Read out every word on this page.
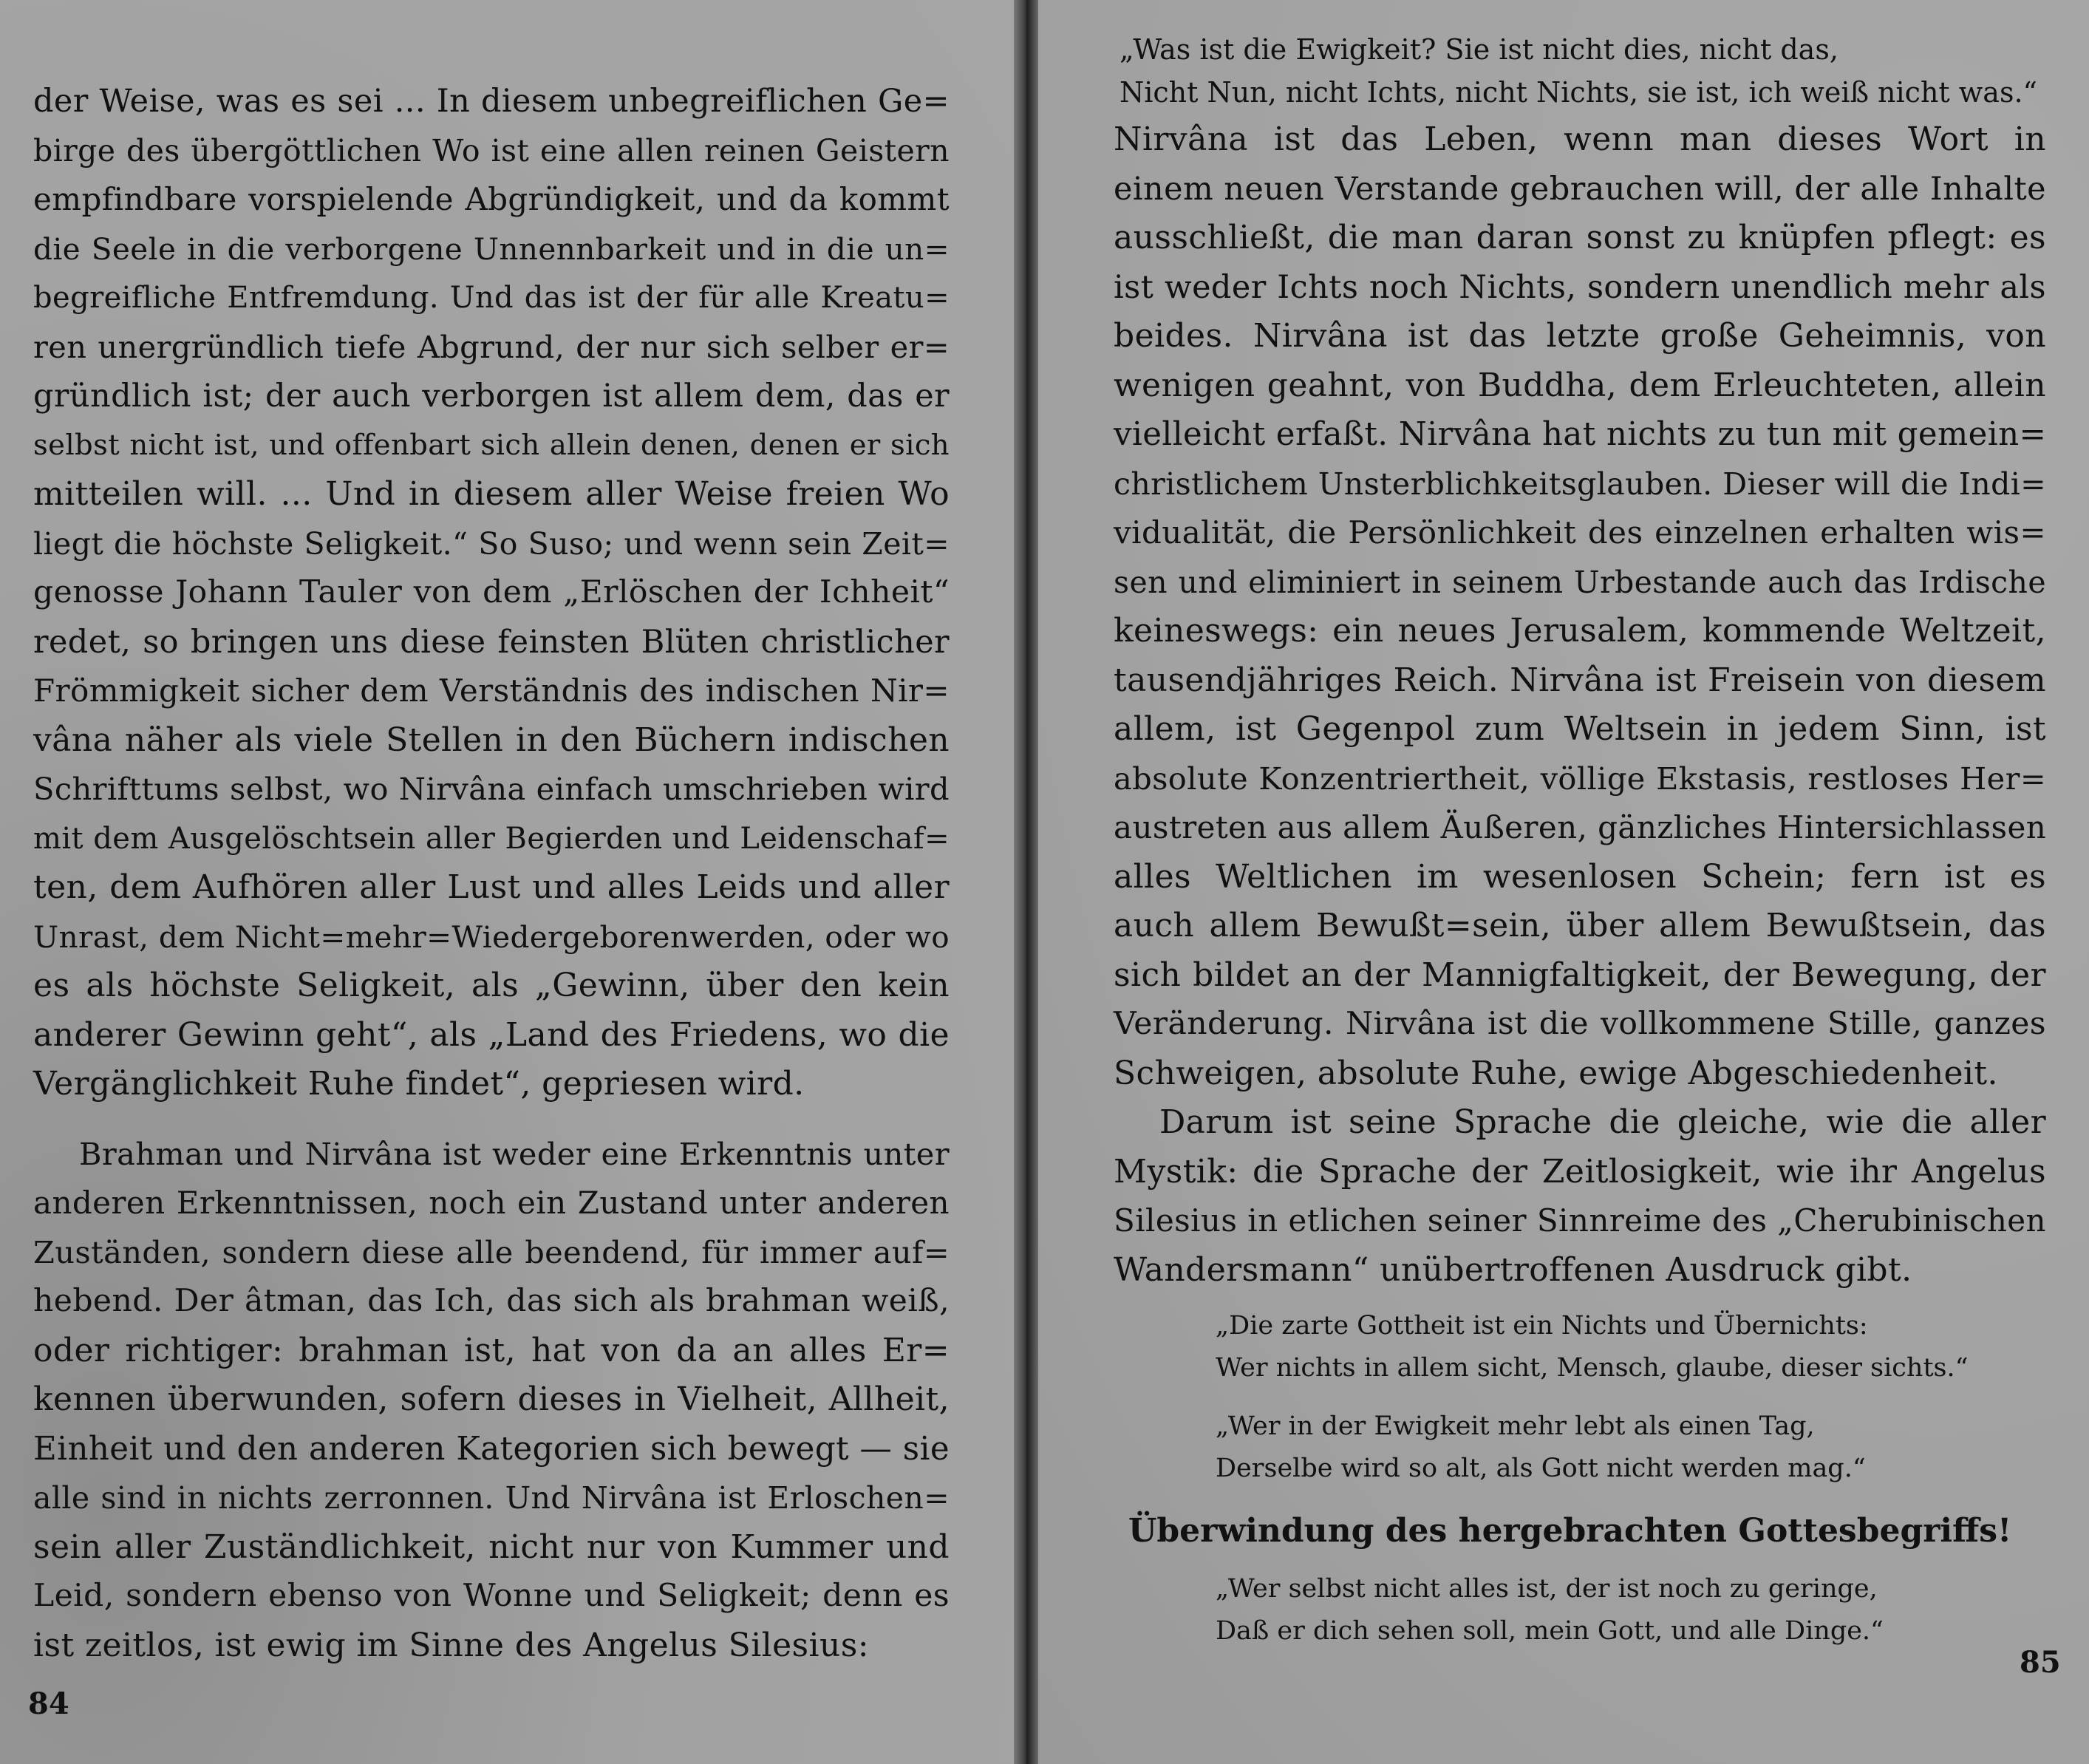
der Weise, was es sei ... In diesem unbegreiflichen Ge=
birge des übergöttlichen Wo ist eine allen reinen Geistern
empfindbare vorspielende Abgründigkeit, und da kommt
die Seele in die verborgene Unnennbarkeit und in die un=
begreifliche Entfremdung. Und das ist der für alle Kreatu=
ren unergründlich tiefe Abgrund, der nur sich selber er=
gründlich ist; der auch verborgen ist allem dem, das er
selbst nicht ist, und offenbart sich allein denen, denen er sich
mitteilen will. ... Und in diesem aller Weise freien Wo
liegt die höchste Seligkeit.“ So Suso; und wenn sein Zeit=
genosse Johann Tauler von dem „Erlöschen der Ichheit“
redet, so bringen uns diese feinsten Blüten christlicher
Frömmigkeit sicher dem Verständnis des indischen Nir=
vâna näher als viele Stellen in den Büchern indischen
Schrifttums selbst, wo Nirvâna einfach umschrieben wird
mit dem Ausgelöschtsein aller Begierden und Leidenschaf=
ten, dem Aufhören aller Lust und alles Leids und aller
Unrast, dem Nicht=mehr=Wiedergeborenwerden, oder wo
es als höchste Seligkeit, als „Gewinn, über den kein
anderer Gewinn geht“, als „Land des Friedens, wo die
Vergänglichkeit Ruhe findet“, gepriesen wird.
Brahman und Nirvâna ist weder eine Erkenntnis unter
anderen Erkenntnissen, noch ein Zustand unter anderen
Zuständen, sondern diese alle beendend, für immer auf=
hebend. Der âtman, das Ich, das sich als brahman weiß,
oder richtiger: brahman ist, hat von da an alles Er=
kennen überwunden, sofern dieses in Vielheit, Allheit,
Einheit und den anderen Kategorien sich bewegt — sie
alle sind in nichts zerronnen. Und Nirvâna ist Erloschen=
sein aller Zuständlichkeit, nicht nur von Kummer und
Leid, sondern ebenso von Wonne und Seligkeit; denn es
ist zeitlos, ist ewig im Sinne des Angelus Silesius:
84
„Was ist die Ewigkeit? Sie ist nicht dies, nicht das,
Nicht Nun, nicht Ichts, nicht Nichts, sie ist, ich weiß nicht was.“
Nirvâna ist das Leben, wenn man dieses Wort in
einem neuen Verstande gebrauchen will, der alle Inhalte
ausschließt, die man daran sonst zu knüpfen pflegt: es
ist weder Ichts noch Nichts, sondern unendlich mehr als
beides. Nirvâna ist das letzte große Geheimnis, von
wenigen geahnt, von Buddha, dem Erleuchteten, allein
vielleicht erfaßt. Nirvâna hat nichts zu tun mit gemein=
christlichem Unsterblichkeitsglauben. Dieser will die Indi=
vidualität, die Persönlichkeit des einzelnen erhalten wis=
sen und eliminiert in seinem Urbestande auch das Irdische
keineswegs: ein neues Jerusalem, kommende Weltzeit,
tausendjähriges Reich. Nirvâna ist Freisein von diesem
allem, ist Gegenpol zum Weltsein in jedem Sinn, ist
absolute Konzentriertheit, völlige Ekstasis, restloses Her=
austreten aus allem Äußeren, gänzliches Hintersichlassen
alles Weltlichen im wesenlosen Schein; fern ist es
auch allem Bewußt=sein, über allem Bewußtsein, das
sich bildet an der Mannigfaltigkeit, der Bewegung, der
Veränderung. Nirvâna ist die vollkommene Stille, ganzes
Schweigen, absolute Ruhe, ewige Abgeschiedenheit.
Darum ist seine Sprache die gleiche, wie die aller
Mystik: die Sprache der Zeitlosigkeit, wie ihr Angelus
Silesius in etlichen seiner Sinnreime des „Cherubinischen
Wandersmann“ unübertroffenen Ausdruck gibt.
„Die zarte Gottheit ist ein Nichts und Übernichts:
Wer nichts in allem sicht, Mensch, glaube, dieser sichts.“
„Wer in der Ewigkeit mehr lebt als einen Tag,
Derselbe wird so alt, als Gott nicht werden mag.“
Überwindung des hergebrachten Gottesbegriffs!
„Wer selbst nicht alles ist, der ist noch zu geringe,
Daß er dich sehen soll, mein Gott, und alle Dinge.“
85
